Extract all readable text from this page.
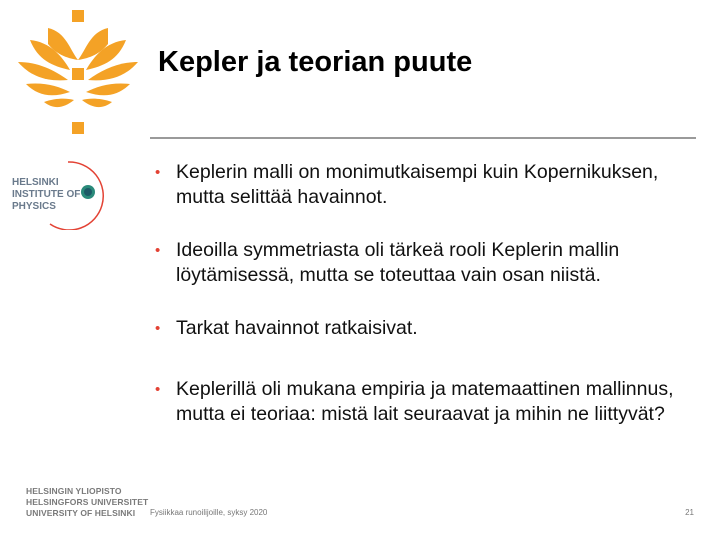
HELSINKI
INSTITUTE OF
PHYSICS
Kepler ja teorian puute
• Keplerin malli on monimutkaisempi kuin Kopernikuksen, mutta selittää havainnot.
• Ideoilla symmetriasta oli tärkeä rooli Keplerin mallin löytämisessä, mutta se toteuttaa vain osan niistä.
• Tarkat havainnot ratkaisivat.
• Keplerillä oli mukana empiria ja matemaattinen mallinnus, mutta ei teoriaa: mistä lait seuraavat ja mihin ne liittyvät?
HELSINGIN YLIOPISTO
HELSINGFORS UNIVERSITET
UNIVERSITY OF HELSINKI	Fysiikkaa runoilijoille, syksy 2020	21
